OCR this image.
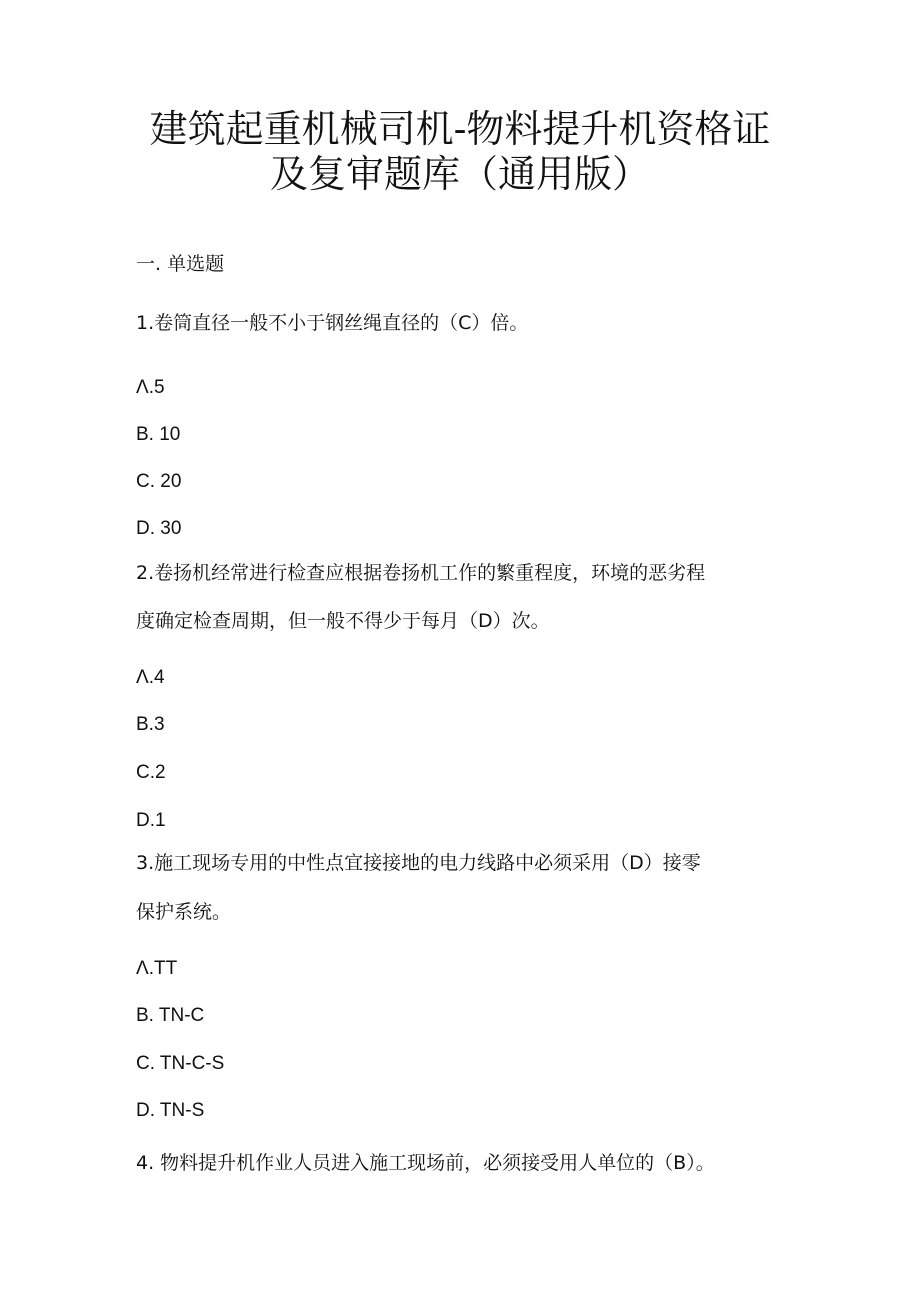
建筑起重机械司机-物料提升机资格证
及复审题库（通用版）
一. 单选题
1.卷筒直径一般不小于钢丝绳直径的（C）倍。
Λ.5
B. 10
C. 20
D. 30
2.卷扬机经常进行检查应根据卷扬机工作的繁重程度，环境的恶劣程
度确定检查周期，但一般不得少于每月（D）次。
Λ.4
B.3
C.2
D.1
3.施工现场专用的中性点宜接接地的电力线路中必须采用（D）接零
保护系统。
Λ.TT
B. TN-C
C. TN-C-S
D. TN-S
4. 物料提升机作业人员进入施工现场前，必须接受用人单位的（B）。
